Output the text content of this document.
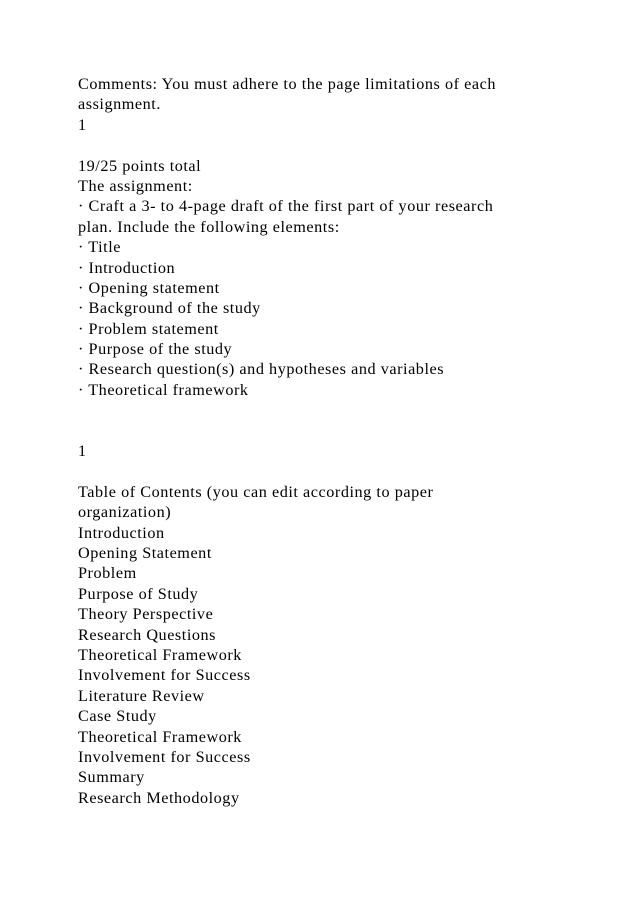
Comments: You must adhere to the page limitations of each
assignment.
1
19/25 points total
The assignment:
· Craft a 3- to 4-page draft of the first part of your research
plan. Include the following elements:
· Title
· Introduction
· Opening statement
· Background of the study
· Problem statement
· Purpose of the study
· Research question(s) and hypotheses and variables
· Theoretical framework
1
Table of Contents (you can edit according to paper
organization)
Introduction
Opening Statement
Problem
Purpose of Study
Theory Perspective
Research Questions
Theoretical Framework
Involvement for Success
Literature Review
Case Study
Theoretical Framework
Involvement for Success
Summary
Research Methodology
